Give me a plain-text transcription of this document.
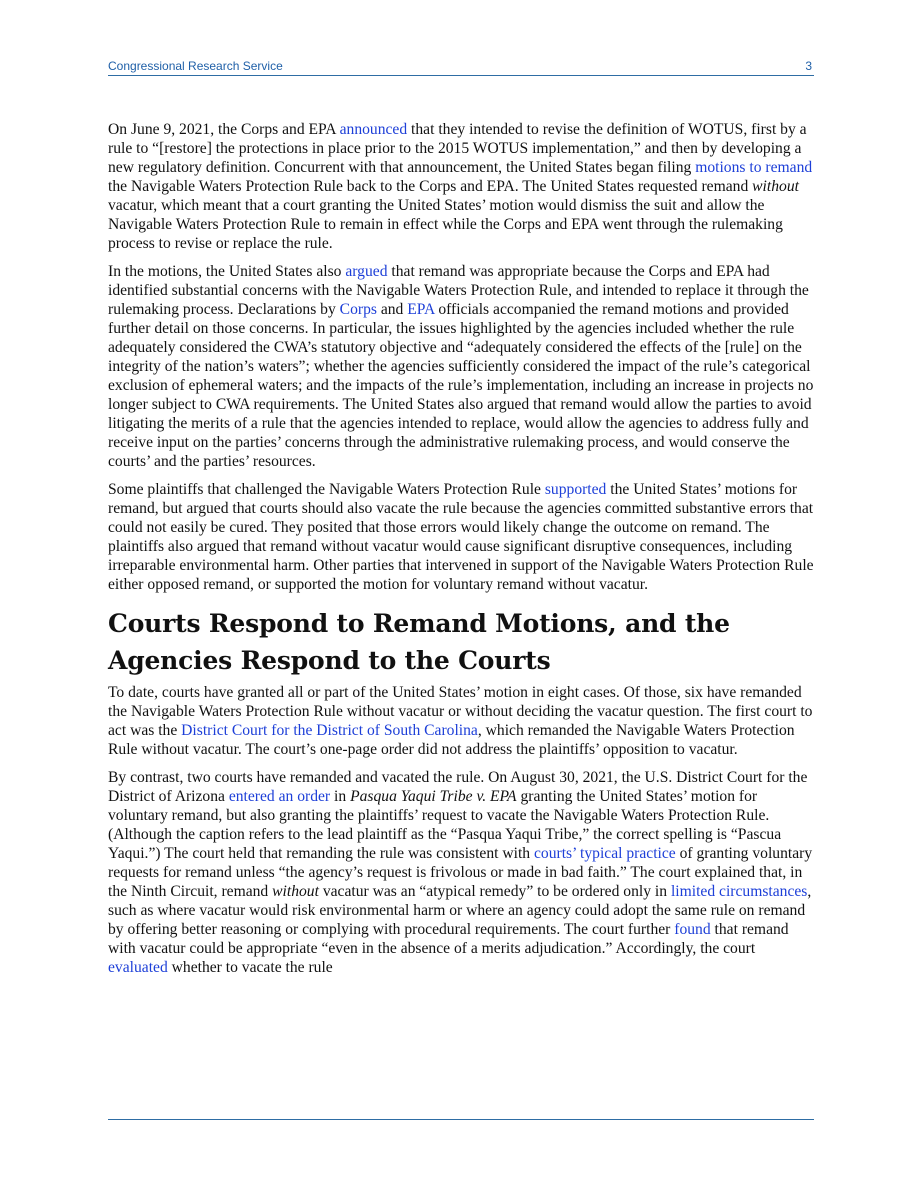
Congressional Research Service	3

On June 9, 2021, the Corps and EPA announced that they intended to revise the definition of WOTUS, first by a rule to “[restore] the protections in place prior to the 2015 WOTUS implementation,” and then by developing a new regulatory definition. Concurrent with that announcement, the United States began filing motions to remand the Navigable Waters Protection Rule back to the Corps and EPA. The United States requested remand without vacatur, which meant that a court granting the United States’ motion would dismiss the suit and allow the Navigable Waters Protection Rule to remain in effect while the Corps and EPA went through the rulemaking process to revise or replace the rule.

In the motions, the United States also argued that remand was appropriate because the Corps and EPA had identified substantial concerns with the Navigable Waters Protection Rule, and intended to replace it through the rulemaking process. Declarations by Corps and EPA officials accompanied the remand motions and provided further detail on those concerns. In particular, the issues highlighted by the agencies included whether the rule adequately considered the CWA’s statutory objective and “adequately considered the effects of the [rule] on the integrity of the nation’s waters”; whether the agencies sufficiently considered the impact of the rule’s categorical exclusion of ephemeral waters; and the impacts of the rule’s implementation, including an increase in projects no longer subject to CWA requirements. The United States also argued that remand would allow the parties to avoid litigating the merits of a rule that the agencies intended to replace, would allow the agencies to address fully and receive input on the parties’ concerns through the administrative rulemaking process, and would conserve the courts’ and the parties’ resources.

Some plaintiffs that challenged the Navigable Waters Protection Rule supported the United States’ motions for remand, but argued that courts should also vacate the rule because the agencies committed substantive errors that could not easily be cured. They posited that those errors would likely change the outcome on remand. The plaintiffs also argued that remand without vacatur would cause significant disruptive consequences, including irreparable environmental harm. Other parties that intervened in support of the Navigable Waters Protection Rule either opposed remand, or supported the motion for voluntary remand without vacatur.

Courts Respond to Remand Motions, and the Agencies Respond to the Courts

To date, courts have granted all or part of the United States’ motion in eight cases. Of those, six have remanded the Navigable Waters Protection Rule without vacatur or without deciding the vacatur question. The first court to act was the District Court for the District of South Carolina, which remanded the Navigable Waters Protection Rule without vacatur. The court’s one-page order did not address the plaintiffs’ opposition to vacatur.

By contrast, two courts have remanded and vacated the rule. On August 30, 2021, the U.S. District Court for the District of Arizona entered an order in Pasqua Yaqui Tribe v. EPA granting the United States’ motion for voluntary remand, but also granting the plaintiffs’ request to vacate the Navigable Waters Protection Rule. (Although the caption refers to the lead plaintiff as the “Pasqua Yaqui Tribe,” the correct spelling is “Pascua Yaqui.”) The court held that remanding the rule was consistent with courts’ typical practice of granting voluntary requests for remand unless “the agency’s request is frivolous or made in bad faith.” The court explained that, in the Ninth Circuit, remand without vacatur was an “atypical remedy” to be ordered only in limited circumstances, such as where vacatur would risk environmental harm or where an agency could adopt the same rule on remand by offering better reasoning or complying with procedural requirements. The court further found that remand with vacatur could be appropriate “even in the absence of a merits adjudication.” Accordingly, the court evaluated whether to vacate the rule
